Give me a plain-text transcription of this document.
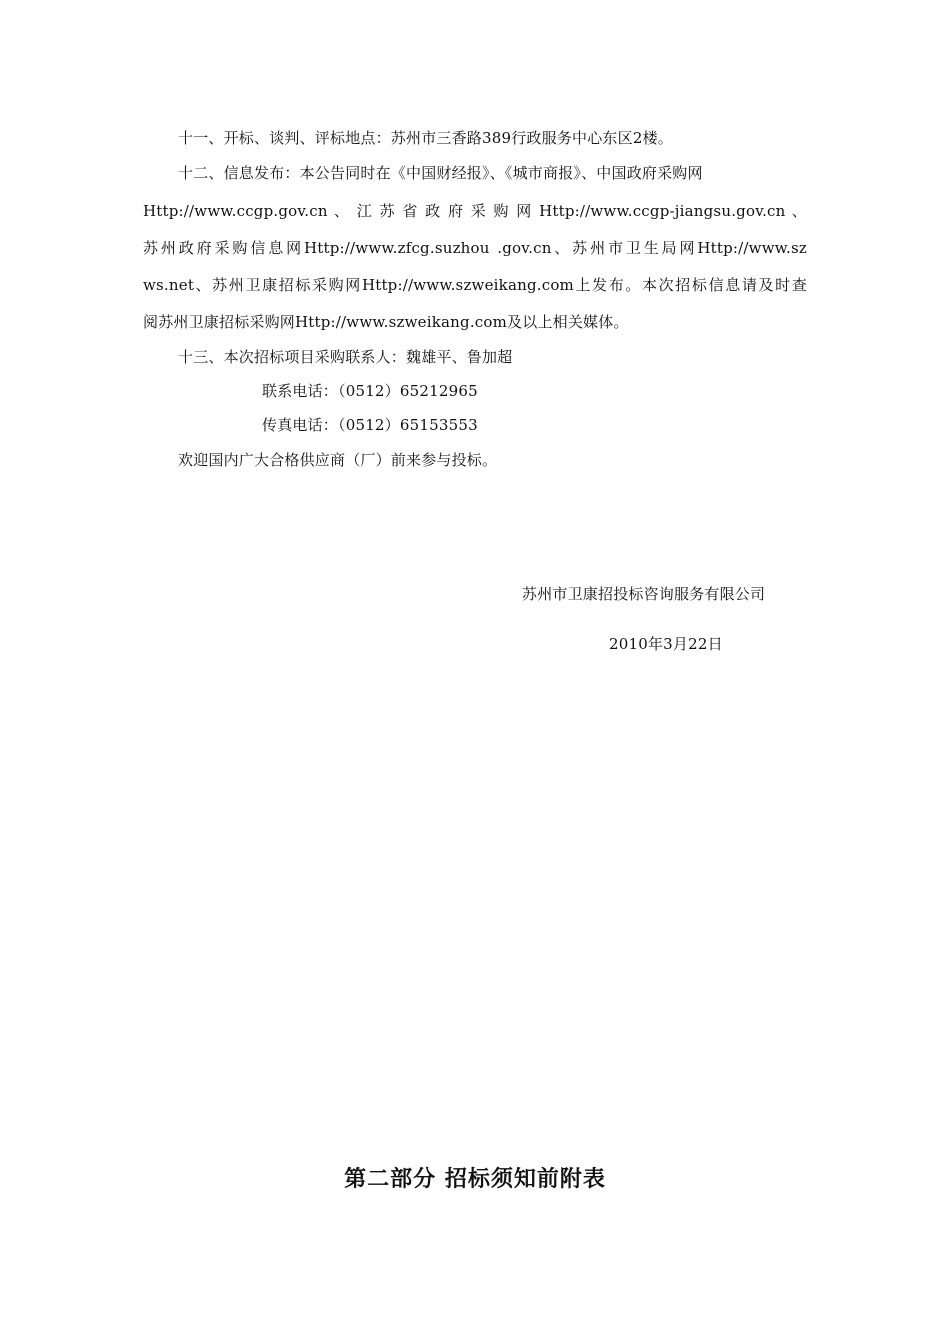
十一、开标、谈判、评标地点：苏州市三香路389行政服务中心东区2楼。
十二、信息发布：本公告同时在《中国财经报》、《城市商报》、中国政府采购网
Http://www.ccgp.gov.cn 、 江 苏 省 政 府 采 购 网 Http://www.ccgp-jiangsu.gov.cn 、
苏州政府采购信息网Http://www.zfcg.suzhou .gov.cn、苏州市卫生局网Http://www.sz
ws.net、苏州卫康招标采购网Http://www.szweikang.com上发布。本次招标信息请及时查
阅苏州卫康招标采购网Http://www.szweikang.com及以上相关媒体。
十三、本次招标项目采购联系人：魏雄平、鲁加超
联系电话：（0512）65212965
传真电话：（0512）65153553
欢迎国内广大合格供应商（厂）前来参与投标。
苏州市卫康招投标咨询服务有限公司
2010年3月22日
第二部分 招标须知前附表
